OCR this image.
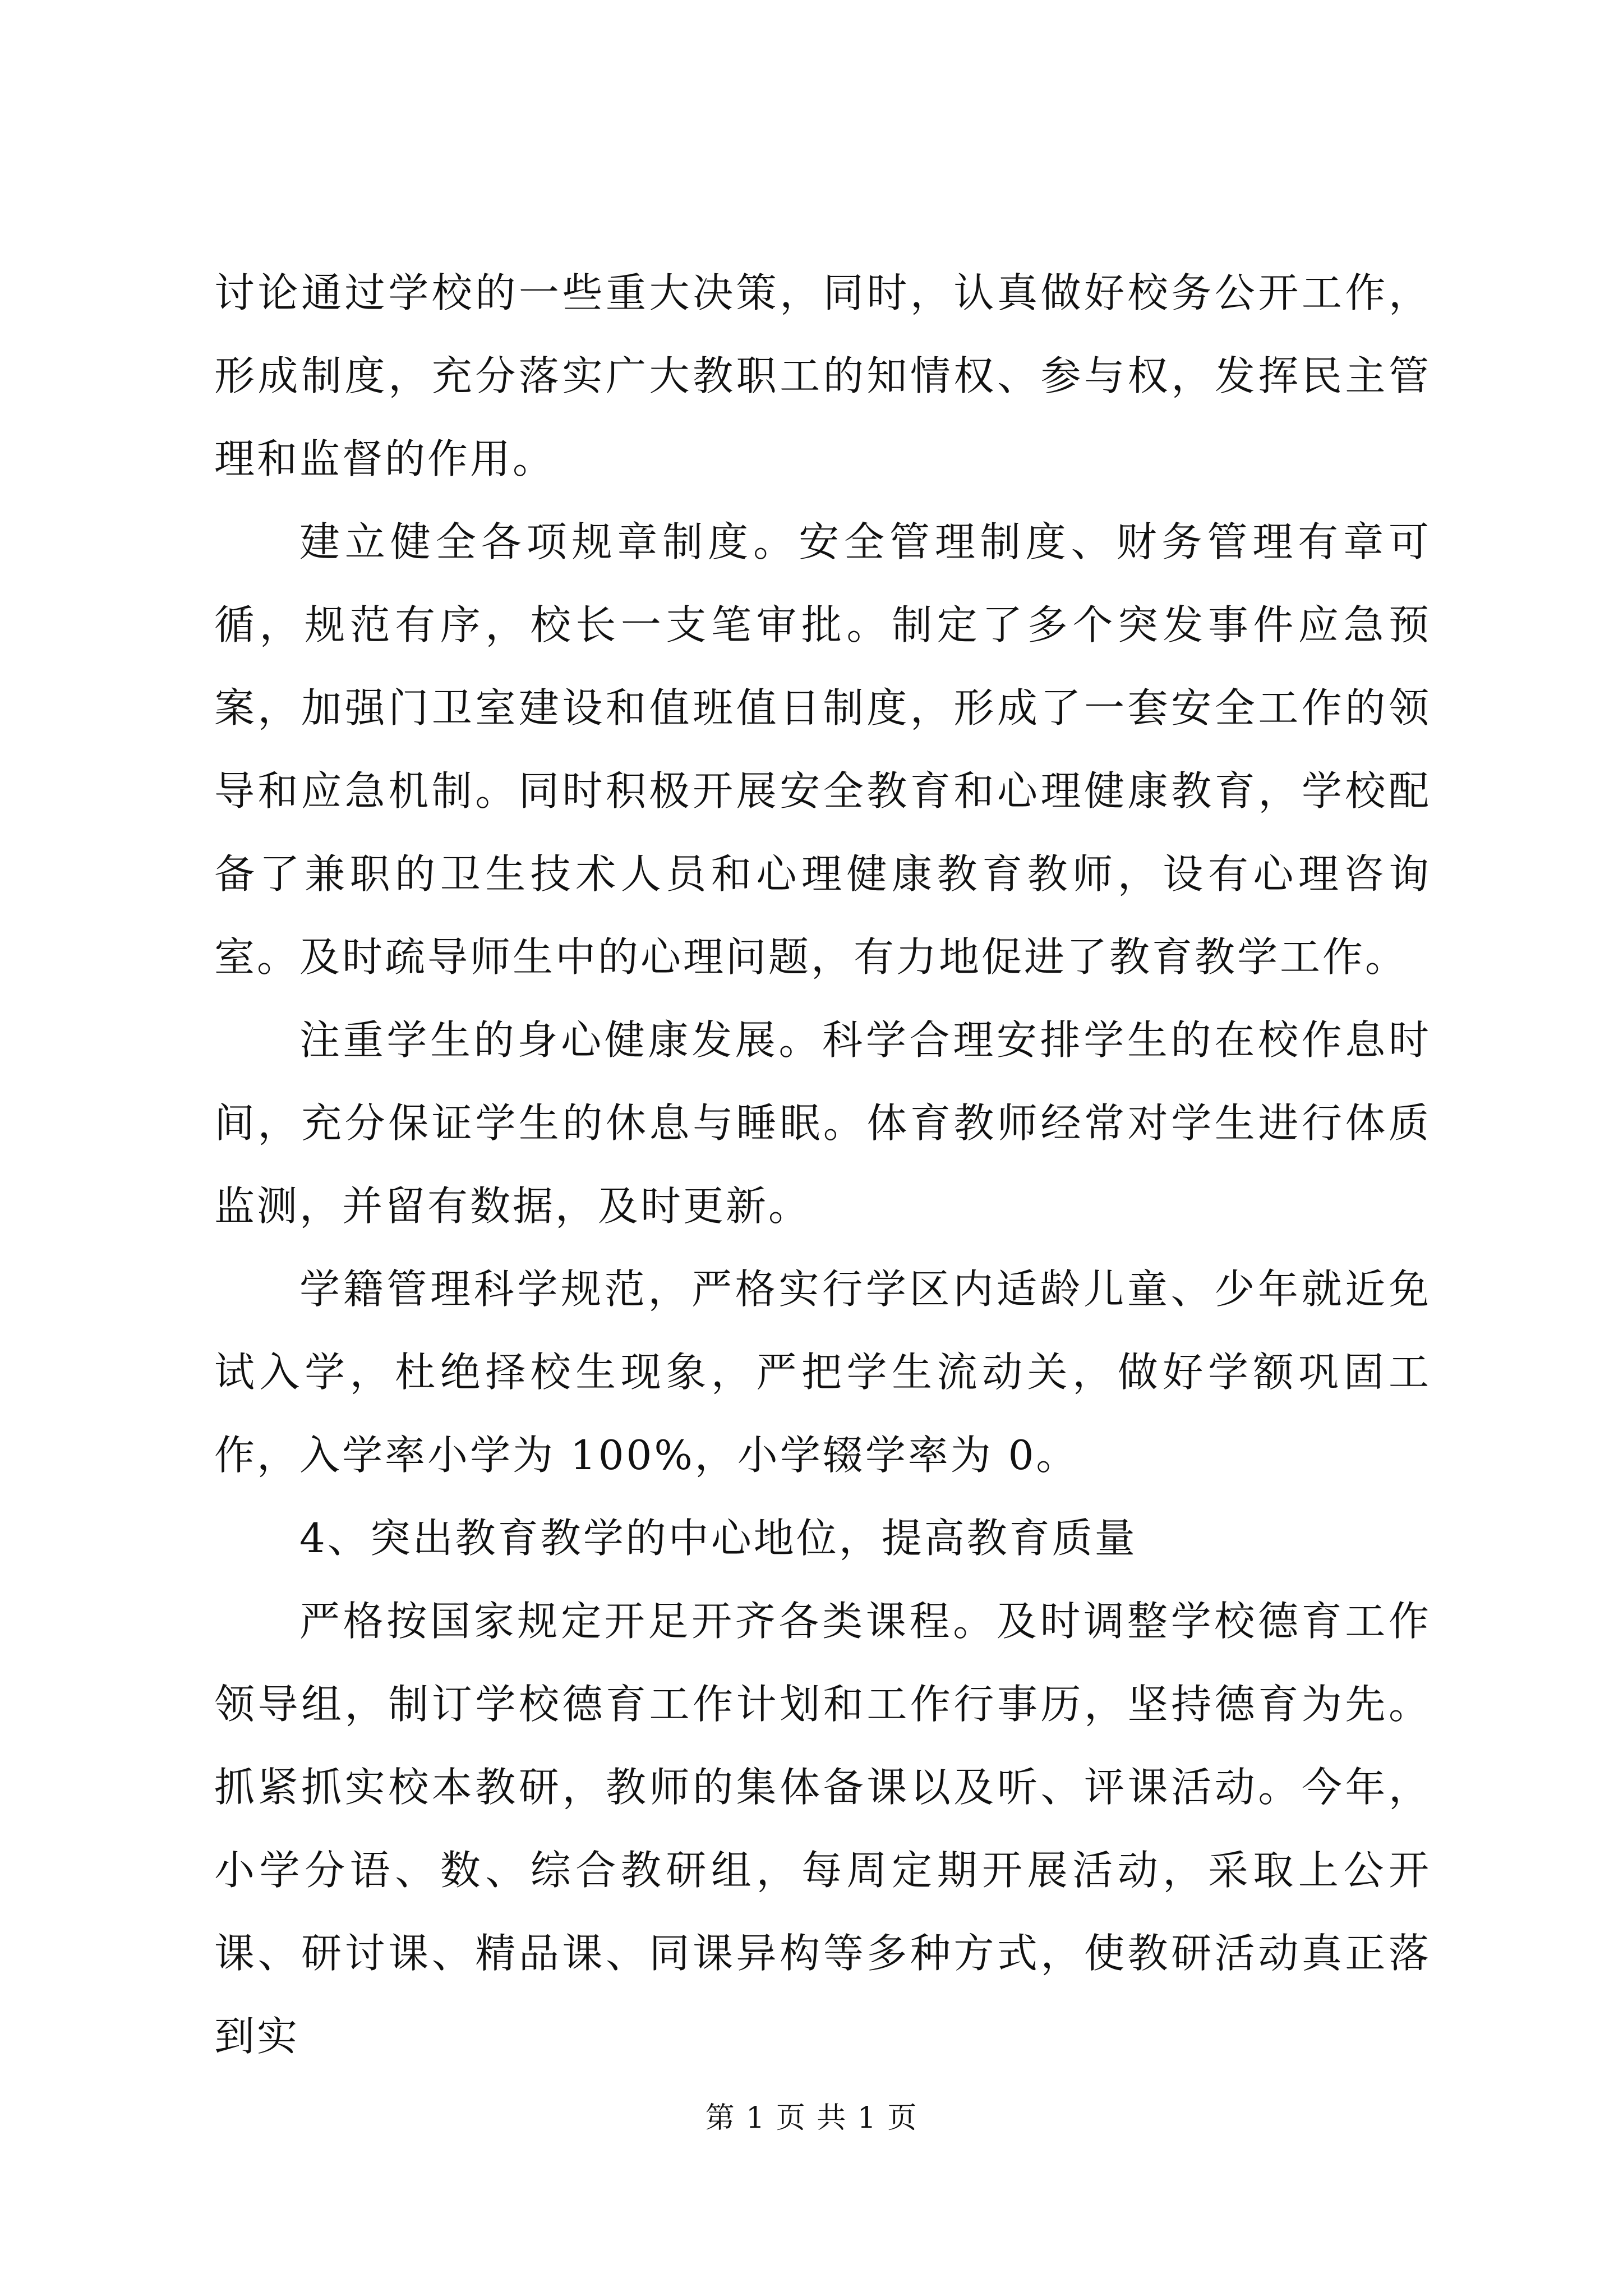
讨论通过学校的一些重大决策，同时，认真做好校务公开工作，形成制度，充分落实广大教职工的知情权、参与权，发挥民主管理和监督的作用。

建立健全各项规章制度。安全管理制度、财务管理有章可循，规范有序，校长一支笔审批。制定了多个突发事件应急预案，加强门卫室建设和值班值日制度，形成了一套安全工作的领导和应急机制。同时积极开展安全教育和心理健康教育，学校配备了兼职的卫生技术人员和心理健康教育教师，设有心理咨询室。及时疏导师生中的心理问题，有力地促进了教育教学工作。

注重学生的身心健康发展。科学合理安排学生的在校作息时间，充分保证学生的休息与睡眠。体育教师经常对学生进行体质监测，并留有数据，及时更新。

学籍管理科学规范，严格实行学区内适龄儿童、少年就近免试入学，杜绝择校生现象，严把学生流动关，做好学额巩固工作，入学率小学为 100%，小学辍学率为 0。

4、突出教育教学的中心地位，提高教育质量

严格按国家规定开足开齐各类课程。及时调整学校德育工作领导组，制订学校德育工作计划和工作行事历，坚持德育为先。抓紧抓实校本教研，教师的集体备课以及听、评课活动。今年，小学分语、数、综合教研组，每周定期开展活动，采取上公开课、研讨课、精品课、同课异构等多种方式，使教研活动真正落到实

第 1 页 共 1 页
